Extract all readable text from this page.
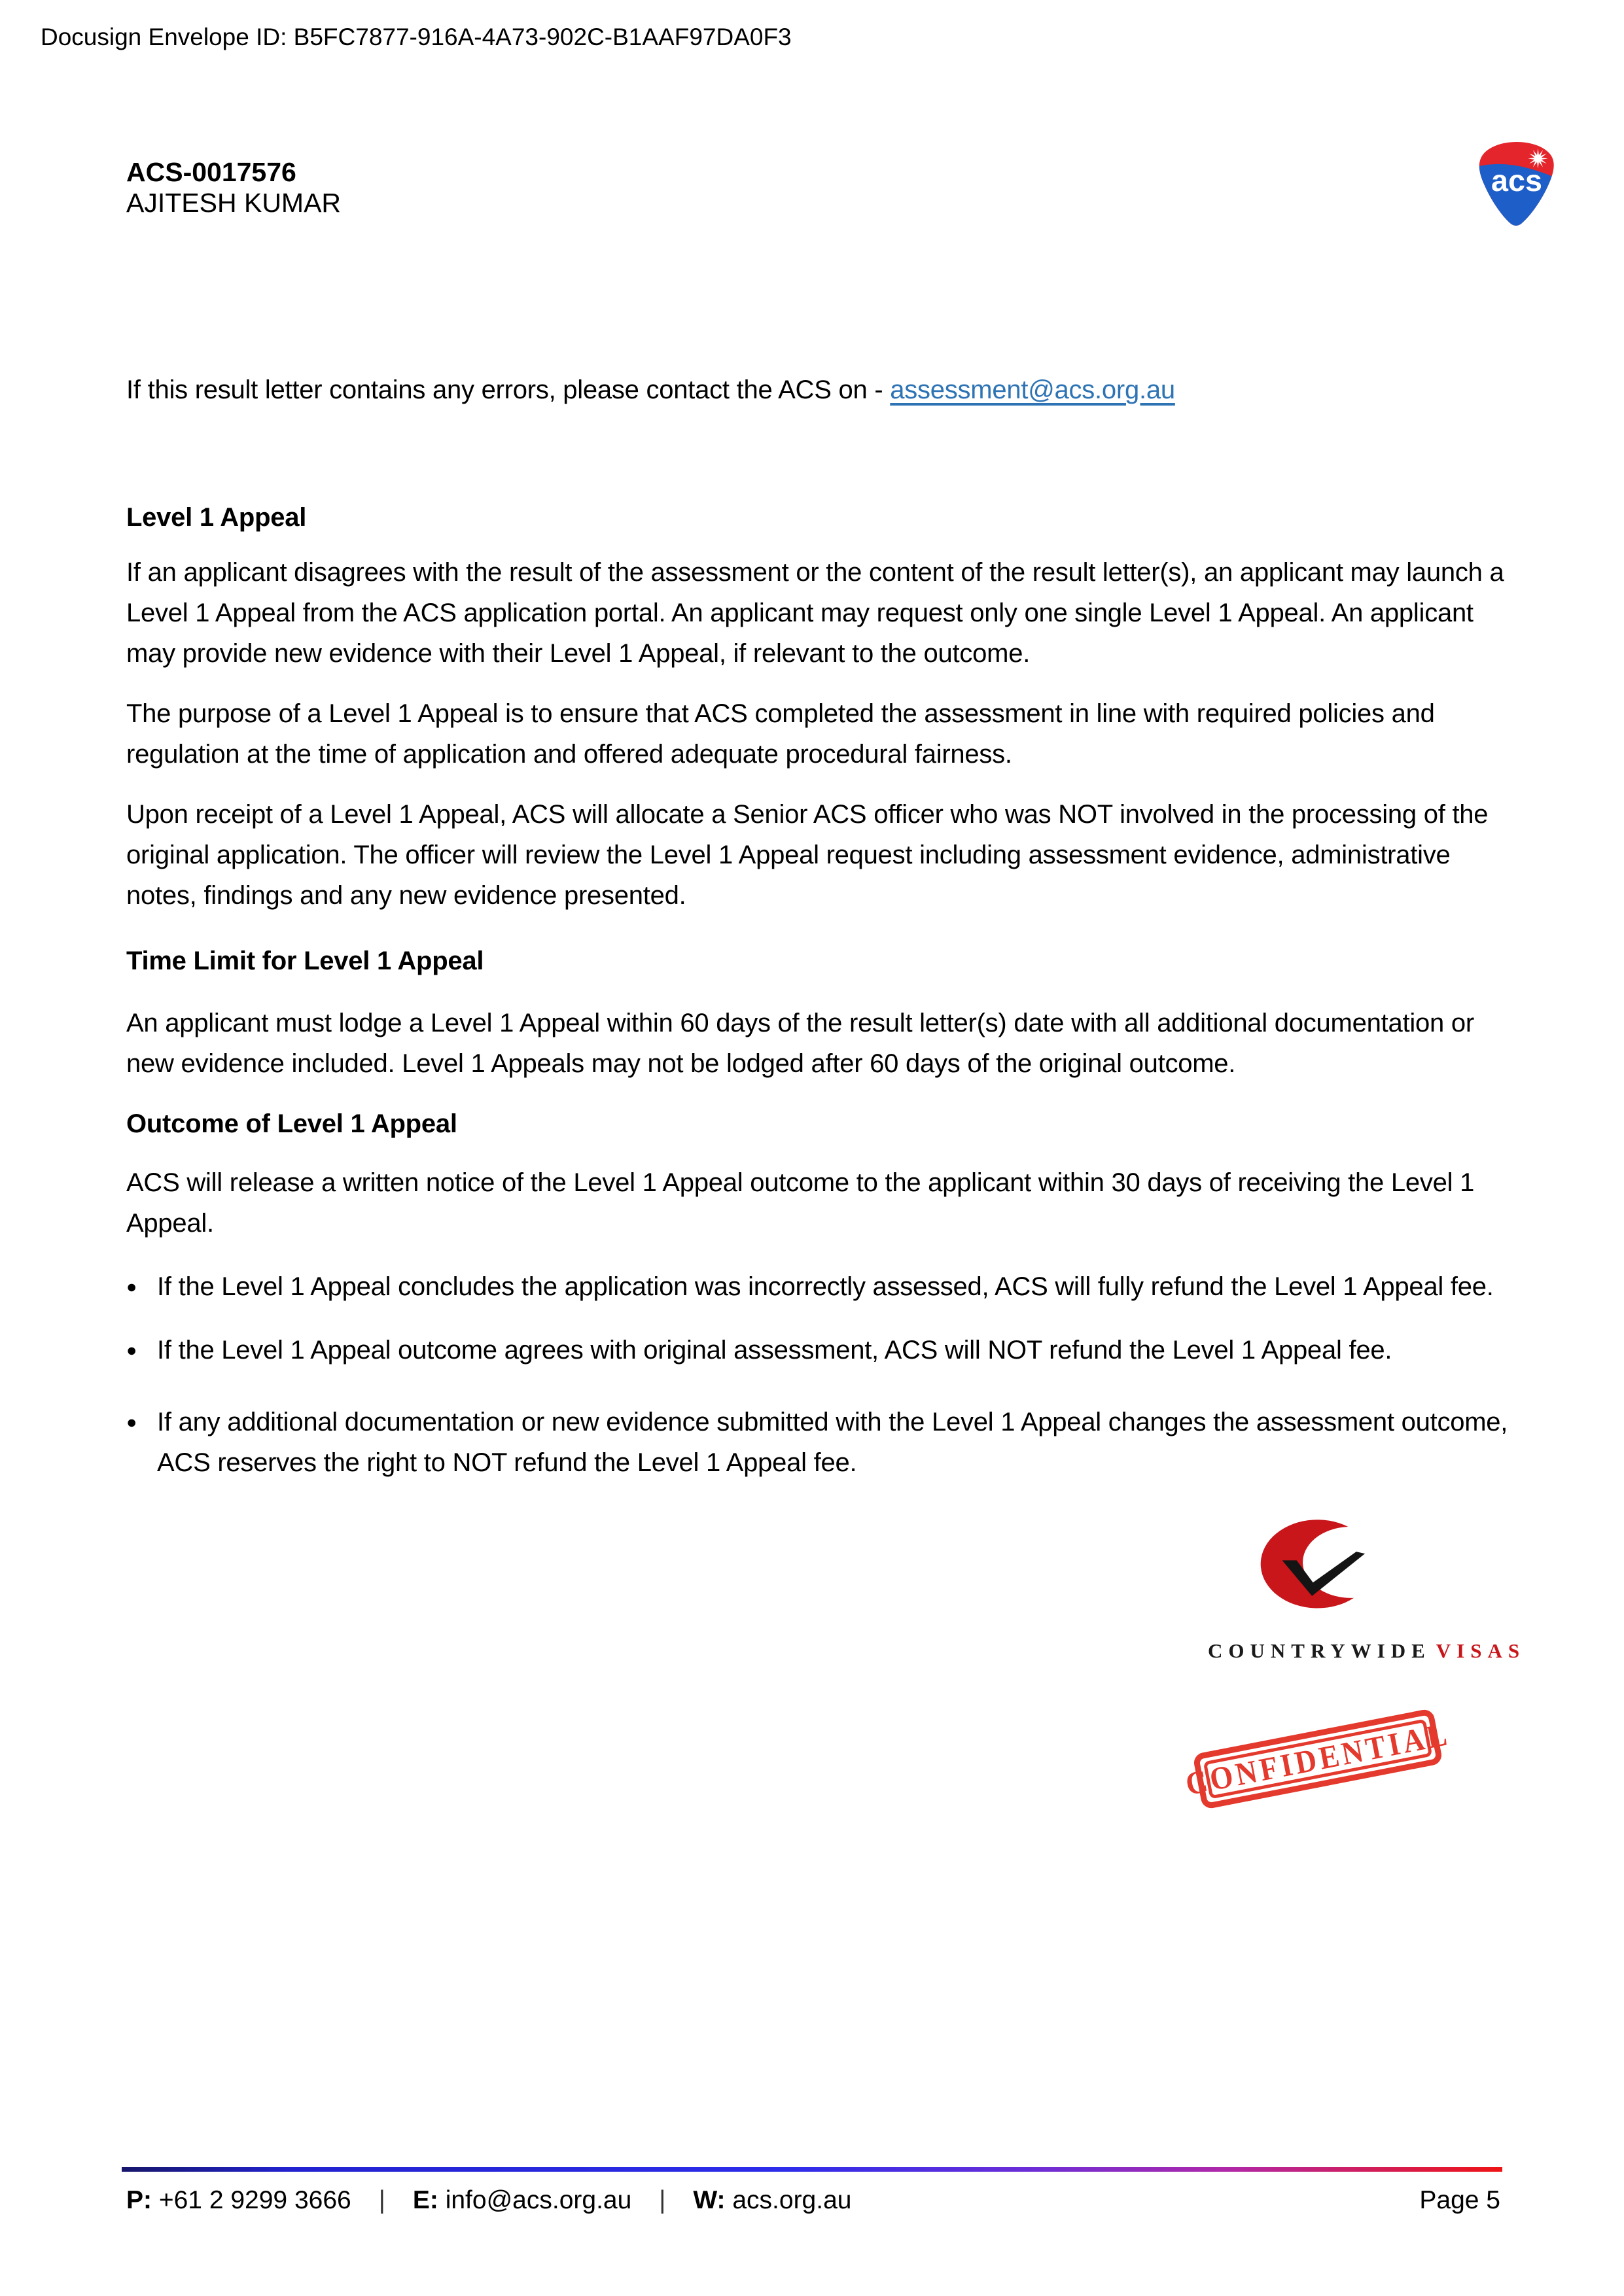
Docusign Envelope ID: B5FC7877-916A-4A73-902C-B1AAF97DA0F3
ACS-0017576
AJITESH KUMAR
acs

If this result letter contains any errors, please contact the ACS on - assessment@acs.org.au

Level 1 Appeal

If an applicant disagrees with the result of the assessment or the content of the result letter(s), an applicant may launch a Level 1 Appeal from the ACS application portal. An applicant may request only one single Level 1 Appeal. An applicant may provide new evidence with their Level 1 Appeal, if relevant to the outcome.

The purpose of a Level 1 Appeal is to ensure that ACS completed the assessment in line with required policies and regulation at the time of application and offered adequate procedural fairness.

Upon receipt of a Level 1 Appeal, ACS will allocate a Senior ACS officer who was NOT involved in the processing of the original application. The officer will review the Level 1 Appeal request including assessment evidence, administrative notes, findings and any new evidence presented.

Time Limit for Level 1 Appeal

An applicant must lodge a Level 1 Appeal within 60 days of the result letter(s) date with all additional documentation or new evidence included. Level 1 Appeals may not be lodged after 60 days of the original outcome.

Outcome of Level 1 Appeal

ACS will release a written notice of the Level 1 Appeal outcome to the applicant within 30 days of receiving the Level 1 Appeal.

● If the Level 1 Appeal concludes the application was incorrectly assessed, ACS will fully refund the Level 1 Appeal fee.
● If the Level 1 Appeal outcome agrees with original assessment, ACS will NOT refund the Level 1 Appeal fee.
● If any additional documentation or new evidence submitted with the Level 1 Appeal changes the assessment outcome, ACS reserves the right to NOT refund the Level 1 Appeal fee.
COUNTRYWIDE VISAS
CONFIDENTIAL
P: +61 2 9299 3666 | E: info@acs.org.au | W: acs.org.au	Page 5
